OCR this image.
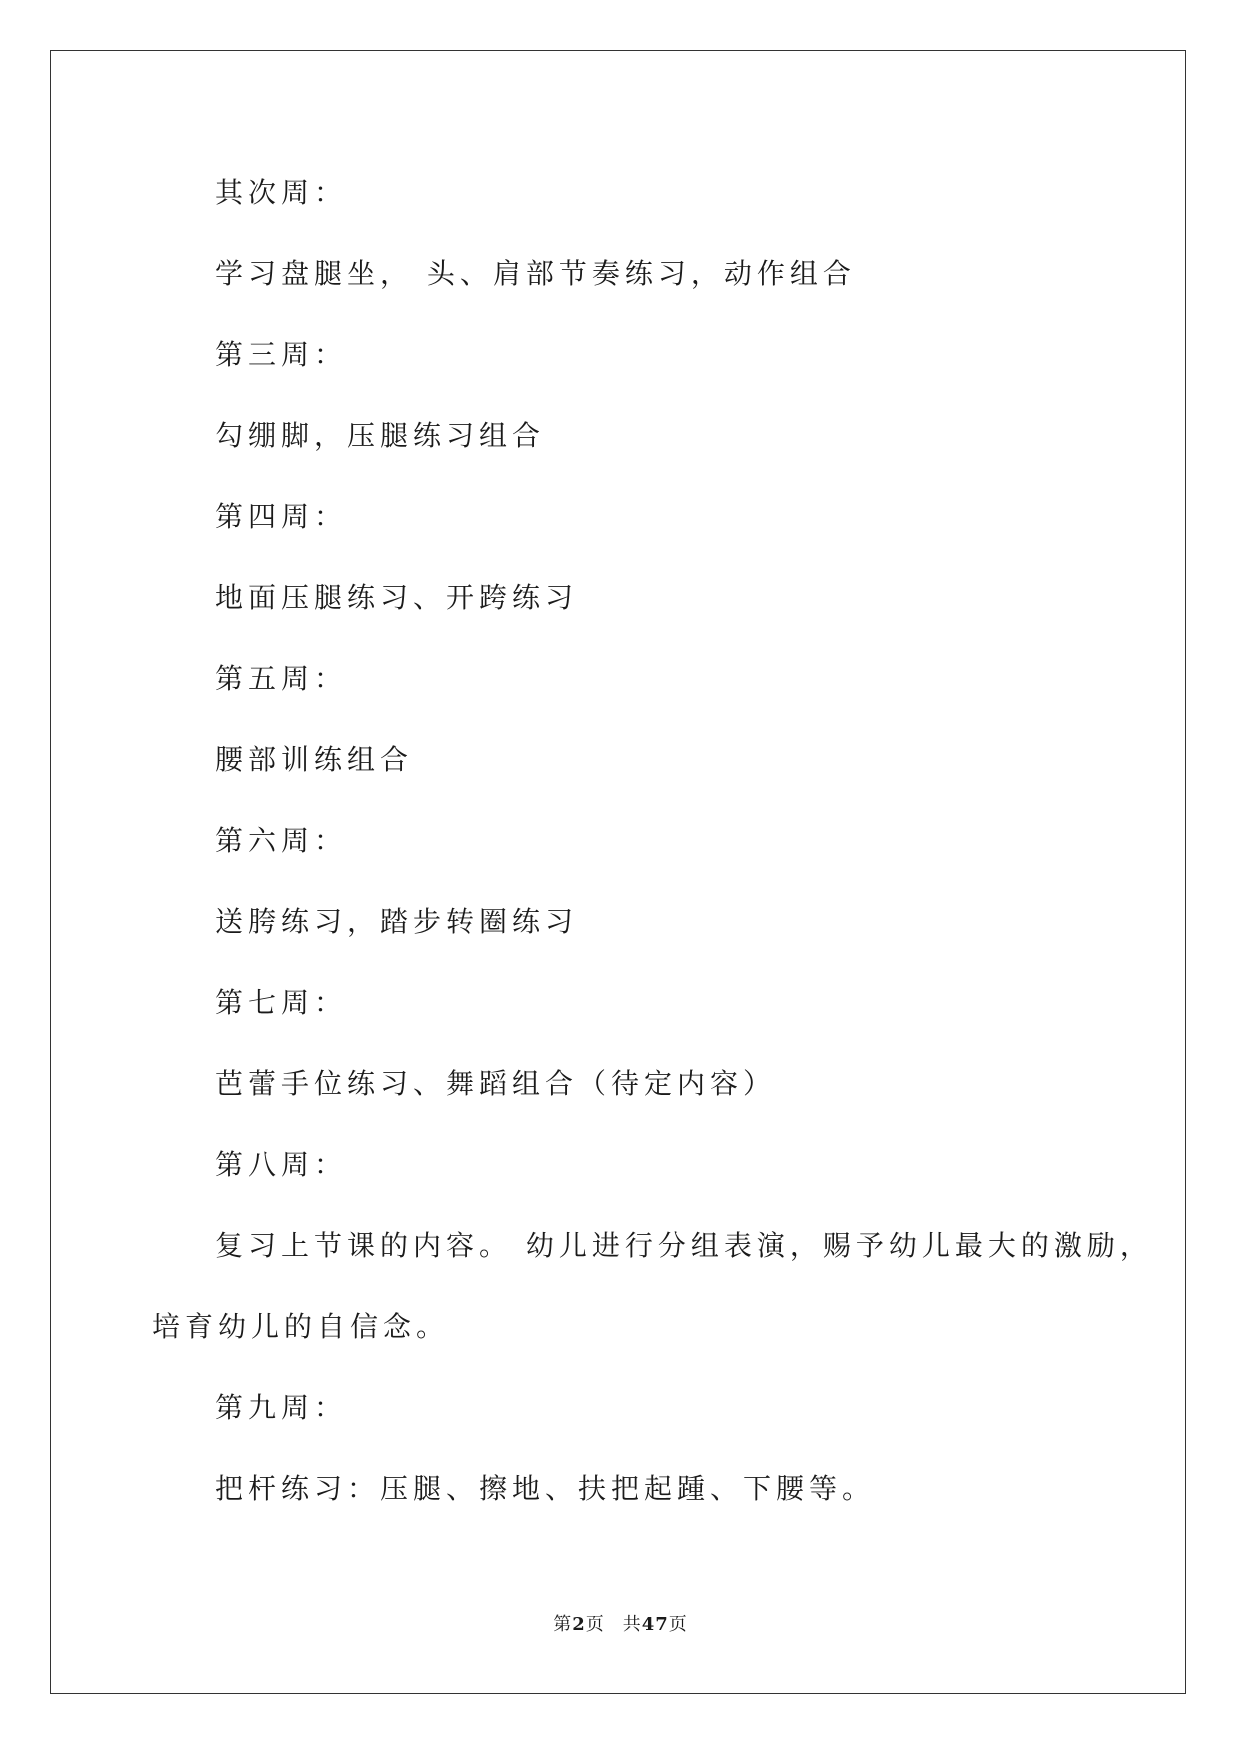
其次周：
学习盘腿坐， 头、肩部节奏练习，动作组合
第三周：
勾绷脚，压腿练习组合
第四周：
地面压腿练习、开跨练习
第五周：
腰部训练组合
第六周：
送胯练习，踏步转圈练习
第七周：
芭蕾手位练习、舞蹈组合（待定内容）
第八周：
复习上节课的内容。 幼儿进行分组表演，赐予幼儿最大的激励，
培育幼儿的自信念。
第九周：
把杆练习：压腿、擦地、扶把起踵、下腰等。
第2页 共47页
